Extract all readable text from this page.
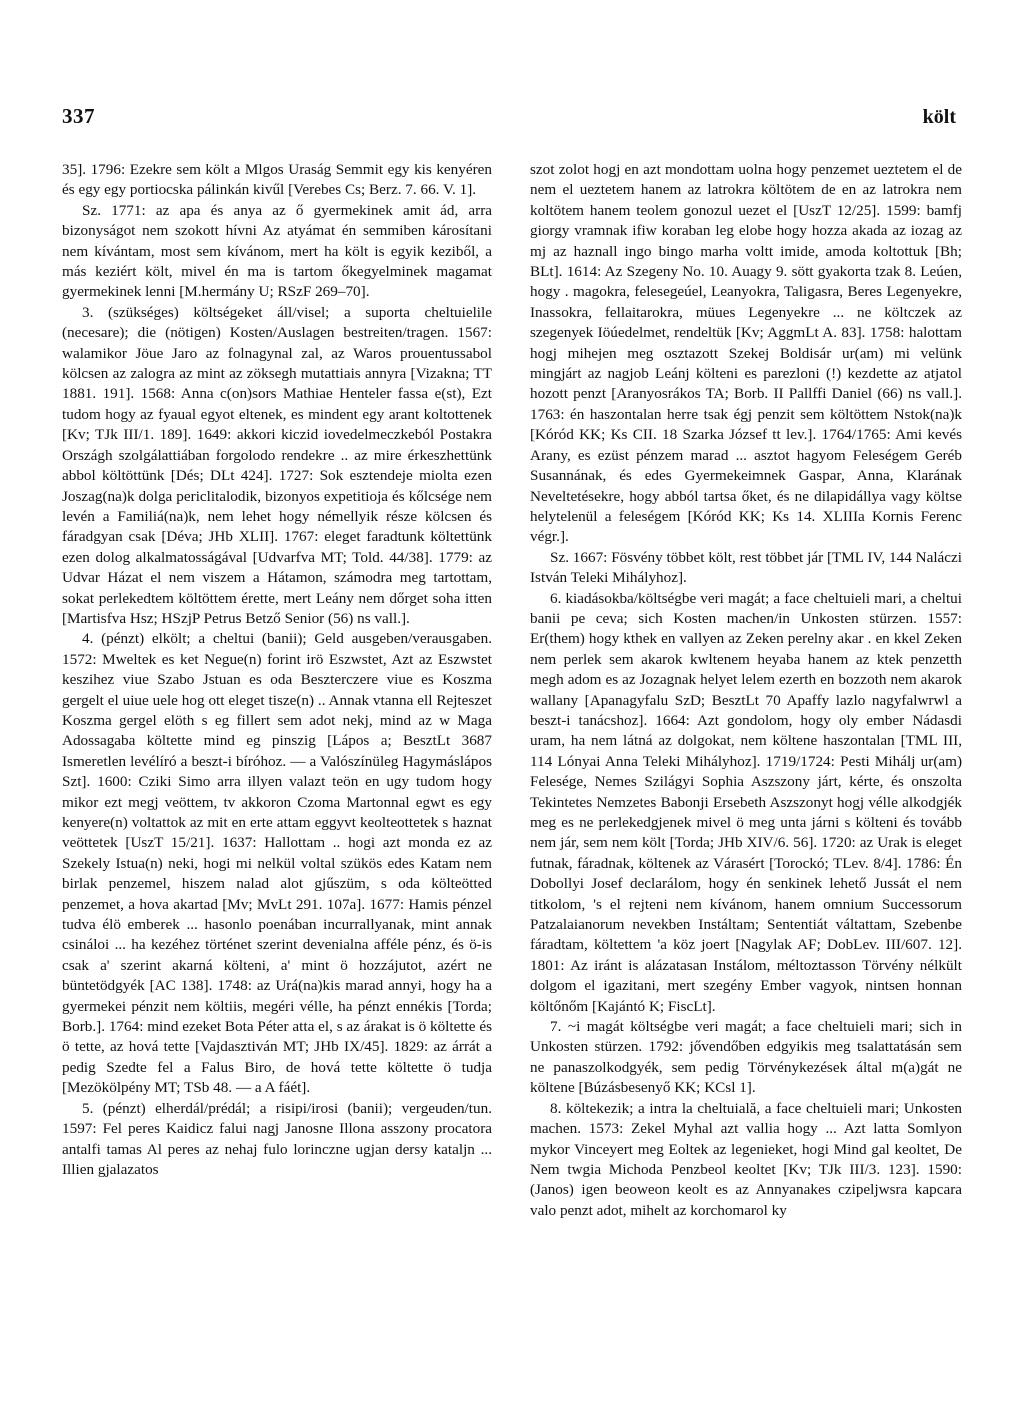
337	költ

35]. 1796: Ezekre sem költ a Mlgos Uraság Semmit egy kis kenyéren és egy egy portiocska pálinkán kivűl [Verebes Cs; Berz. 7. 66. V. 1].

Sz. 1771: az apa és anya az ő gyermekinek amit ád, arra bizonyságot nem szokott hívni Az atyámat én semmiben károsítani nem kívántam, most sem kívánom, mert ha költ is egyik keziből, a más keziért költ, mivel én ma is tartom őkegyelminek magamat gyermekinek lenni [M.hermány U; RSzF 269–70].

3. (szükséges) költségeket áll/visel; a suporta cheltuielile (necesare); die (nötigen) Kosten/Auslagen bestreiten/tragen. 1567: walamikor Jöue Jaro az folnagynal zal, az Waros prouentussabol kölcsen az zalogra az mint az zöksegh mutattiais annyra [Vizakna; TT 1881. 191]. 1568: Anna c(on)sors Mathiae Henteler fassa e(st), Ezt tudom hogy az fyaual egyot eltenek, es mindent egy arant koltottenek [Kv; TJk III/1. 189]. 1649: akkori kiczid iovedelmeczkeból Postakra Országh szolgálattiában forgolodo rendekre .. az mire érkeszhettünk abbol költöttünk [Dés; DLt 424]. 1727: Sok esztendeje miolta ezen Joszag(na)k dolga periclitalodik, bizonyos expetitioja és kőlcsége nem levén a Familiá(na)k, nem lehet hogy némellyik része kölcsen és fáradgyan csak [Déva; JHb XLII]. 1767: eleget faradtunk költettünk ezen dolog alkalmatosságával [Udvarfva MT; Told. 44/38]. 1779: az Udvar Házat el nem viszem a Hátamon, számodra meg tartottam, sokat perlekedtem költöttem érette, mert Leány nem dőrget soha itten [Martisfva Hsz; HSzjP Petrus Betző Senior (56) ns vall.].

4. (pénzt) elkölt; a cheltui (banii); Geld ausgeben/verausgaben. 1572: Mweltek es ket Negue(n) forint irö Eszwstet, Azt az Eszwstet keszihez viue Szabo Jstuan es oda Beszterczere viue es Koszma gergelt el uiue uele hog ott eleget tisze(n) .. Annak vtanna ell Rejteszet Koszma gergel elöth s eg fillert sem adot nekj, mind az w Maga Adossagaba költette mind eg pinszig [Lápos a; BesztLt 3687 Ismeretlen levélíró a beszt-i bíróhoz. — a Valószínüleg Hagymáslápos Szt]. 1600: Cziki Simo arra illyen valazt teön en ugy tudom hogy mikor ezt megj veöttem, tv akkoron Czoma Martonnal egwt es egy kenyere(n) voltattok az mit en erte attam eggyvt keolteottetek s haznat veöttetek [UszT 15/21]. 1637: Hallottam .. hogi azt monda ez az Szekely Istua(n) neki, hogi mi nelkül voltal szükös edes Katam nem birlak penzemel, hiszem nalad alot gjűszüm, s oda költeötted penzemet, a hova akartad [Mv; MvLt 291. 107a]. 1677: Hamis pénzel tudva élö emberek ... hasonlo poenában incurrallyanak, mint annak csináloi ... ha kezéhez történet szerint devenialna afféle pénz, és ö-is csak a' szerint akarná költeni, a' mint ö hozzájutot, azért ne büntetödgyék [AC 138]. 1748: az Urá(na)kis marad annyi, hogy ha a gyermekei pénzit nem költiis, megéri vélle, ha pénzt ennékis [Torda; Borb.]. 1764: mind ezeket Bota Péter atta el, s az árakat is ö költette és ö tette, az hová tette [Vajdasztiván MT; JHb IX/45]. 1829: az árrát a pedig Szedte fel a Falus Biro, de hová tette költette ö tudja [Mezökölpény MT; TSb 48. — a A fáét].

5. (pénzt) elherdál/prédál; a risipi/irosi (banii); vergeuden/tun. 1597: Fel peres Kaidicz falui nagj Janosne Illona asszony procatora antalfi tamas Al peres az nehaj fulo lorinczne ugjan dersy kataljn ... Illien gjalazatos

szot zolot hogj en azt mondottam uolna hogy penzemet ueztetem el de nem el ueztetem hanem az latrokra költötem de en az latrokra nem koltötem hanem teolem gonozul uezet el [UszT 12/25]. 1599: bamfj giorgy vramnak ifiw koraban leg elobe hogy hozza akada az iozag az mj az haznall ingo bingo marha voltt imide, amoda koltottuk [Bh; BLt]. 1614: Az Szegeny No. 10. Auagy 9. sött gyakorta tzak 8. Leúen, hogy . magokra, felesegeúel, Leanyokra, Taligasra, Beres Legenyekre, Inassokra, fellaitarokra, müues Legenyekre ... ne költczek az szegenyek Iöúedelmet, rendeltük [Kv; AggmLt A. 83]. 1758: halottam hogj mihejen meg osztazott Szekej Boldisár ur(am) mi velünk mingjárt az nagjob Leánj költeni es parezloni (!) kezdette az atjatol hozott penzt [Aranyosrákos TA; Borb. II Pallffi Daniel (66) ns vall.]. 1763: én haszontalan herre tsak égj penzit sem költöttem Nstok(na)k [Kóród KK; Ks CII. 18 Szarka József tt lev.]. 1764/1765: Ami kevés Arany, es ezüst pénzem marad ... asztot hagyom Feleségem Geréb Susannának, és edes Gyermekeimnek Gaspar, Anna, Klarának Neveltetésekre, hogy abból tartsa őket, és ne dilapidállya vagy költse helytelenül a feleségem [Kóród KK; Ks 14. XLIIIa Kornis Ferenc végr.].

Sz. 1667: Fösvény többet költ, rest többet jár [TML IV, 144 Naláczi István Teleki Mihályhoz].

6. kiadásokba/költségbe veri magát; a face cheltuieli mari, a cheltui banii pe ceva; sich Kosten machen/in Unkosten stürzen. 1557: Er(them) hogy kthek en vallyen az Zeken perelny akar . en kkel Zeken nem perlek sem akarok kwltenem heyaba hanem az ktek penzetth megh adom es az Jozagnak helyet lelem ezerth en bozzoth nem akarok wallany [Apanagyfalu SzD; BesztLt 70 Apaffy lazlo nagyfalwrwl a beszt-i tanácshoz]. 1664: Azt gondolom, hogy oly ember Nádasdi uram, ha nem látná az dolgokat, nem költene haszontalan [TML III, 114 Lónyai Anna Teleki Mihályhoz]. 1719/1724: Pesti Mihálj ur(am) Felesége, Nemes Szilágyi Sophia Aszszony járt, kérte, és onszolta Tekintetes Nemzetes Babonji Ersebeth Aszszonyt hogj vélle alkodgjék meg es ne perlekedgjenek mivel ö meg unta járni s költeni és tovább nem jár, sem nem költ [Torda; JHb XIV/6. 56]. 1720: az Urak is eleget futnak, fáradnak, költenek az Várasért [Torockó; TLev. 8/4]. 1786: Én Dobollyi Josef declarálom, hogy én senkinek lehető Jussát el nem titkolom, 's el rejteni nem kívánom, hanem omnium Successorum Patzalaianorum nevekben Instáltam; Sententiát váltattam, Szebenbe fáradtam, költettem 'a köz joert [Nagylak AF; DobLev. III/607. 12]. 1801: Az iránt is alázatasan Instálom, méltoztasson Törvény nélkült dolgom el igazitani, mert szegény Ember vagyok, nintsen honnan költőnőm [Kajántó K; FiscLt].

7. ~i magát költségbe veri magát; a face cheltuieli mari; sich in Unkosten stürzen. 1792: jővendőben edgyikis meg tsalattatásán sem ne panaszolkodgyék, sem pedig Törvénykezések által m(a)gát ne költene [Búzásbesenyő KK; KCsl 1].

8. költekezik; a intra la cheltuială, a face cheltuieli mari; Unkosten machen. 1573: Zekel Myhal azt vallia hogy ... Azt latta Somlyon mykor Vinceyert meg Eoltek az legenieket, hogi Mind gal keoltet, De Nem twgia Michoda Penzbeol keoltet [Kv; TJk III/3. 123]. 1590: (Janos) igen beoweon keolt es az Annyanakes czipeljwsra kapcara valo penzt adot, mihelt az korchomarol ky
